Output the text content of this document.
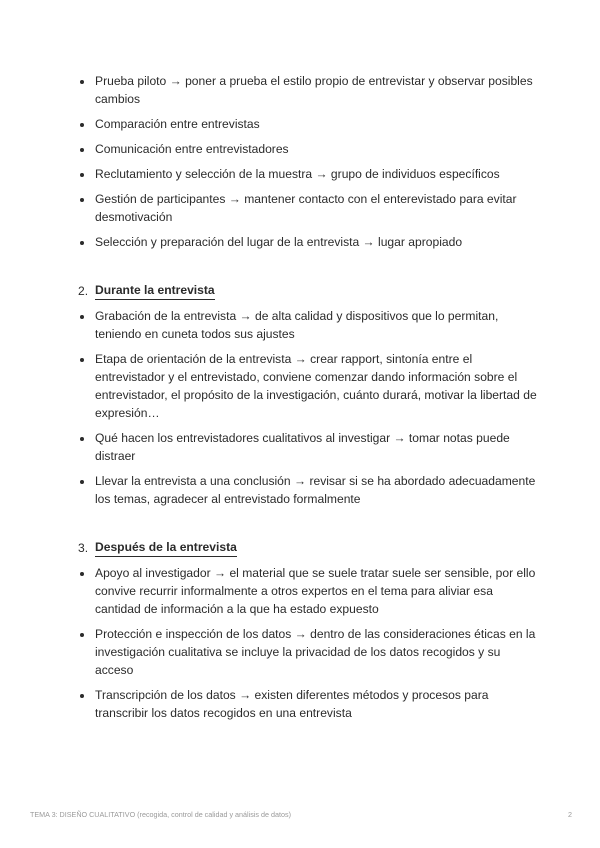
Prueba piloto → poner a prueba el estilo propio de entrevistar y observar posibles cambios
Comparación entre entrevistas
Comunicación entre entrevistadores
Reclutamiento y selección de la muestra → grupo de individuos específicos
Gestión de participantes → mantener contacto con el enterevistado para evitar desmotivación
Selección y preparación del lugar de la entrevista → lugar apropiado
2. Durante la entrevista
Grabación de la entrevista → de alta calidad y dispositivos que lo permitan, teniendo en cuneta todos sus ajustes
Etapa de orientación de la entrevista → crear rapport, sintonía entre el entrevistador y el entrevistado, conviene comenzar dando información sobre el entrevistador, el propósito de la investigación, cuánto durará, motivar la libertad de expresión…
Qué hacen los entrevistadores cualitativos al investigar → tomar notas puede distraer
Llevar la entrevista a una conclusión → revisar si se ha abordado adecuadamente los temas, agradecer al entrevistado formalmente
3. Después de la entrevista
Apoyo al investigador → el material que se suele tratar suele ser sensible, por ello convive recurrir informalmente a otros expertos en el tema para aliviar esa cantidad de información a la que ha estado expuesto
Protección e inspección de los datos → dentro de las consideraciones éticas en la investigación cualitativa se incluye la privacidad de los datos recogidos y su acceso
Transcripción de los datos → existen diferentes métodos y procesos para transcribir los datos recogidos en una entrevista
TEMA 3: DISEÑO CUALITATIVO (recogida, control de calidad y análisis de datos)	2
